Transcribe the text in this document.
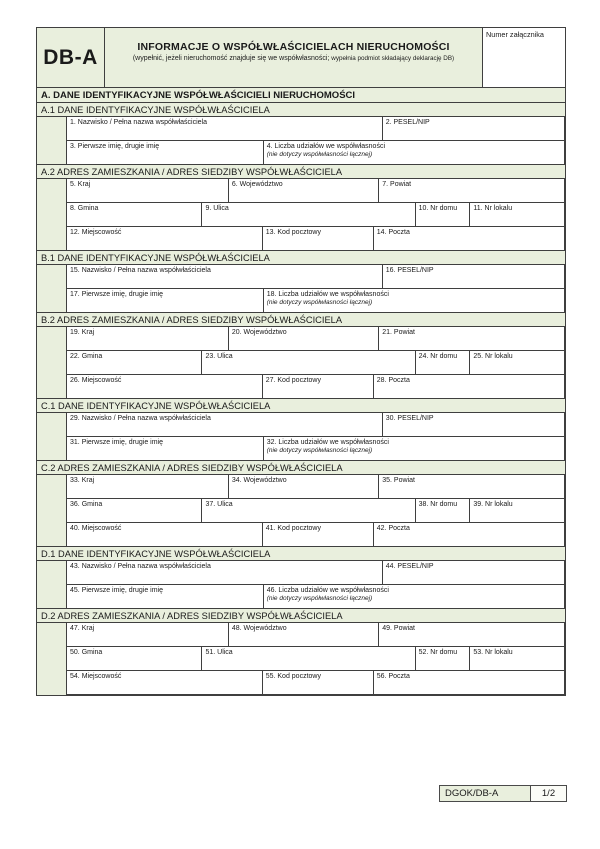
DB-A	INFORMACJE O WSPÓŁWŁAŚCICIELACH NIERUCHOMOŚCI
(wypełnić, jeżeli nieruchomość znajduje się we współwłasności; wypełnia podmiot składający deklarację DB)
Numer załącznika
A. DANE IDENTYFIKACYJNE WSPÓŁWŁAŚCICIELI NIERUCHOMOŚCI
A.1 DANE IDENTYFIKACYJNE WSPÓŁWŁAŚCICIELA
1. Nazwisko / Pełna nazwa współwłaściciela	2. PESEL/NIP
3. Pierwsze imię, drugie imię	4. Liczba udziałów we współwłasności
(nie dotyczy współwłasności łącznej)
A.2 ADRES ZAMIESZKANIA / ADRES SIEDZIBY WSPÓŁWŁAŚCICIELA
5. Kraj	6. Województwo	7. Powiat
8. Gmina	9. Ulica	10. Nr domu	11. Nr lokalu
12. Miejscowość	13. Kod pocztowy	14. Poczta
B.1 DANE IDENTYFIKACYJNE WSPÓŁWŁAŚCICIELA
15. Nazwisko / Pełna nazwa współwłaściciela	16. PESEL/NIP
17. Pierwsze imię, drugie imię	18. Liczba udziałów we współwłasności
(nie dotyczy współwłasności łącznej)
B.2 ADRES ZAMIESZKANIA / ADRES SIEDZIBY WSPÓŁWŁAŚCICIELA
19. Kraj	20. Województwo	21. Powiat
22. Gmina	23. Ulica	24. Nr domu	25. Nr lokalu
26. Miejscowość	27. Kod pocztowy	28. Poczta
C.1 DANE IDENTYFIKACYJNE WSPÓŁWŁAŚCICIELA
29. Nazwisko / Pełna nazwa współwłaściciela	30. PESEL/NIP
31. Pierwsze imię, drugie imię	32. Liczba udziałów we współwłasności
(nie dotyczy współwłasności łącznej)
C.2 ADRES ZAMIESZKANIA / ADRES SIEDZIBY WSPÓŁWŁAŚCICIELA
33. Kraj	34. Województwo	35. Powiat
36. Gmina	37. Ulica	38. Nr domu	39. Nr lokalu
40. Miejscowość	41. Kod pocztowy	42. Poczta
D.1 DANE IDENTYFIKACYJNE WSPÓŁWŁAŚCICIELA
43. Nazwisko / Pełna nazwa współwłaściciela	44. PESEL/NIP
45. Pierwsze imię, drugie imię	46. Liczba udziałów we współwłasności
(nie dotyczy współwłasności łącznej)
D.2 ADRES ZAMIESZKANIA / ADRES SIEDZIBY WSPÓŁWŁAŚCICIELA
47. Kraj	48. Województwo	49. Powiat
50. Gmina	51. Ulica	52. Nr domu	53. Nr lokalu
54. Miejscowość	55. Kod pocztowy	56. Poczta
DGOK/DB-A	1/2
